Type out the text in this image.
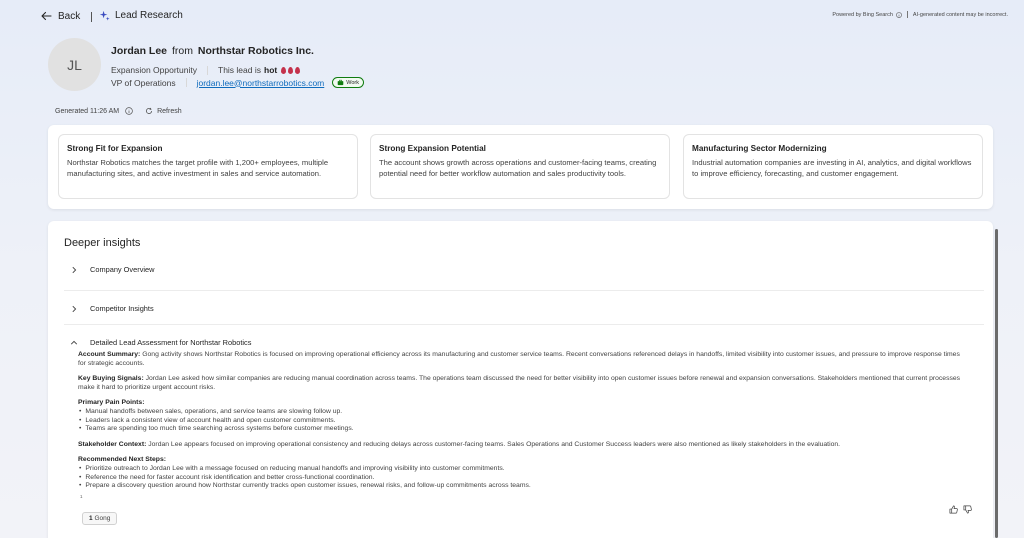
Back	Lead Research	Powered by Bing Search	AI-generated content may be incorrect.
JL
Jordan Lee from Northstar Robotics Inc.
Expansion Opportunity This lead is hot
VP of Operations jordan.lee@northstarrobotics.com	Work
Generated 11:26 AM	Refresh
Strong Fit for Expansion

Northstar Robotics matches the target profile with 1,200+ employees, multiple manufacturing sites, and active investment in sales and service automation.

Strong Expansion Potential

The account shows growth across operations and customer-facing teams, creating potential need for better workflow automation and sales productivity tools.

Manufacturing Sector Modernizing

Industrial automation companies are investing in AI, analytics, and digital workflows to improve efficiency, forecasting, and customer engagement.

Deeper insights
Company Overview
Competitor Insights
Detailed Lead Assessment for Northstar Robotics
Account Summary: Gong activity shows Northstar Robotics is focused on improving operational efficiency across its manufacturing and customer service teams. Recent conversations referenced delays in handoffs, limited visibility into customer issues, and pressure to improve response times for strategic accounts.
Key Buying Signals: Jordan Lee asked how similar companies are reducing manual coordination across teams. The operations team discussed the need for better visibility into open customer issues before renewal and expansion conversations. Stakeholders mentioned that current processes make it hard to prioritize urgent account risks.
Primary Pain Points:
• Manual handoffs between sales, operations, and service teams are slowing follow up.
• Leaders lack a consistent view of account health and open customer commitments.
• Teams are spending too much time searching across systems before customer meetings.
Stakeholder Context: Jordan Lee appears focused on improving operational consistency and reducing delays across customer-facing teams. Sales Operations and Customer Success leaders were also mentioned as likely stakeholders in the evaluation.
Recommended Next Steps:
• Prioritize outreach to Jordan Lee with a message focused on reducing manual handoffs and improving visibility into customer commitments.
• Reference the need for faster account risk identification and better cross-functional coordination.
• Prepare a discovery question around how Northstar currently tracks open customer issues, renewal risks, and follow-up commitments across teams.
1
1 Gong
